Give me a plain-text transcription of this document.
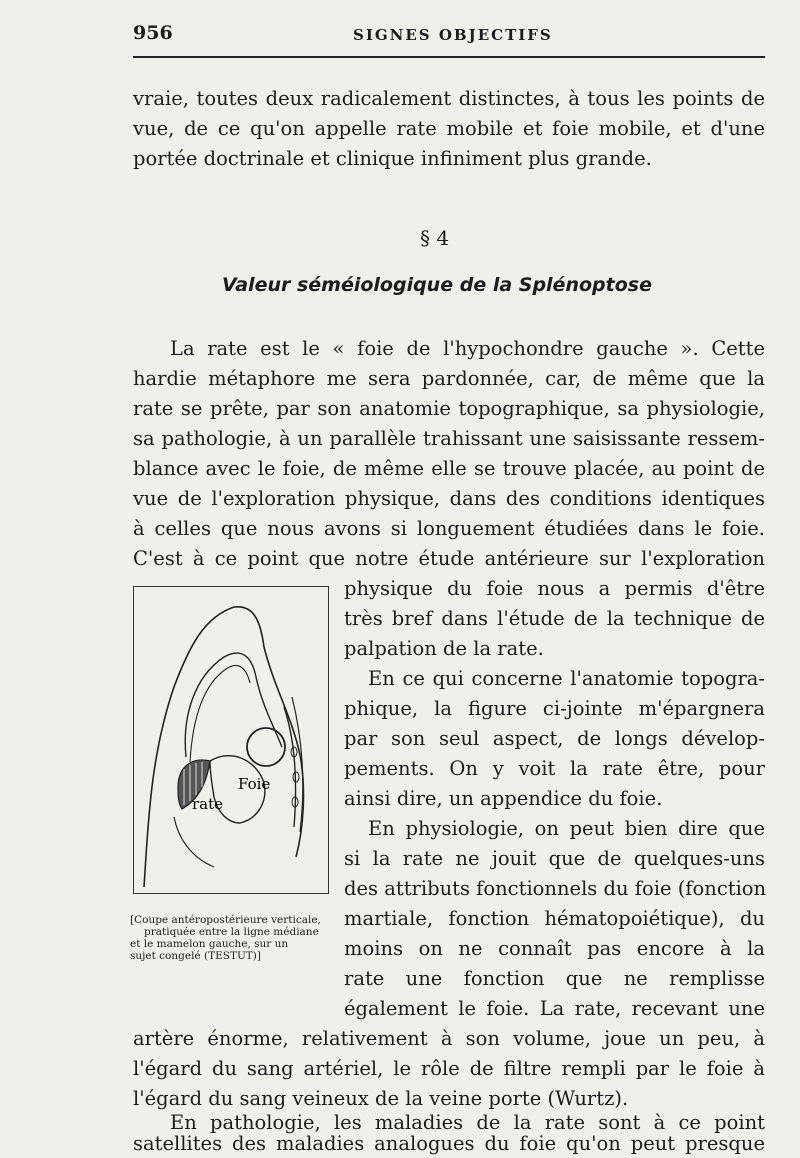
956	SIGNES OBJECTIFS
vraie, toutes deux radicalement distinctes, à tous les points de
vue, de ce qu'on appelle rate mobile et foie mobile, et d'une
portée doctrinale et clinique infiniment plus grande.
§ 4
Valeur séméiologique de la Splénoptose
La rate est le « foie de l'hypochondre gauche ». Cette
hardie métaphore me sera pardonnée, car, de même que la
rate se prête, par son anatomie topographique, sa physiologie,
sa pathologie, à un parallèle trahissant une saisissante ressem-
blance avec le foie, de même elle se trouve placée, au point de
vue de l'exploration physique, dans des conditions identiques
à celles que nous avons si longuement étudiées dans le foie.
C'est à ce point que notre étude antérieure sur l'exploration
physique du foie nous a permis d'être
très bref dans l'étude de la technique de
palpation de la rate.
En ce qui concerne l'anatomie topogra-
phique, la figure ci-jointe m'épargnera
par son seul aspect, de longs dévelop-
pements. On y voit la rate être, pour
ainsi dire, un appendice du foie.
En physiologie, on peut bien dire que
si la rate ne jouit que de quelques-uns
des attributs fonctionnels du foie (fonction
martiale, fonction hématopoiétique), du
moins on ne connaît pas encore à la
rate une fonction que ne remplisse
également le foie. La rate, recevant une
artère énorme, relativement à son volume, joue un peu, à
l'égard du sang artériel, le rôle de filtre rempli par le foie à
l'égard du sang veineux de la veine porte (Wurtz).
En pathologie, les maladies de la rate sont à ce point
satellites des maladies analogues du foie qu'on peut presque
Foie
rate
[Coupe antéropostérieure verticale,
pratiquée entre la ligne médiane
et le mamelon gauche, sur un
sujet congelé (TESTUT)]
